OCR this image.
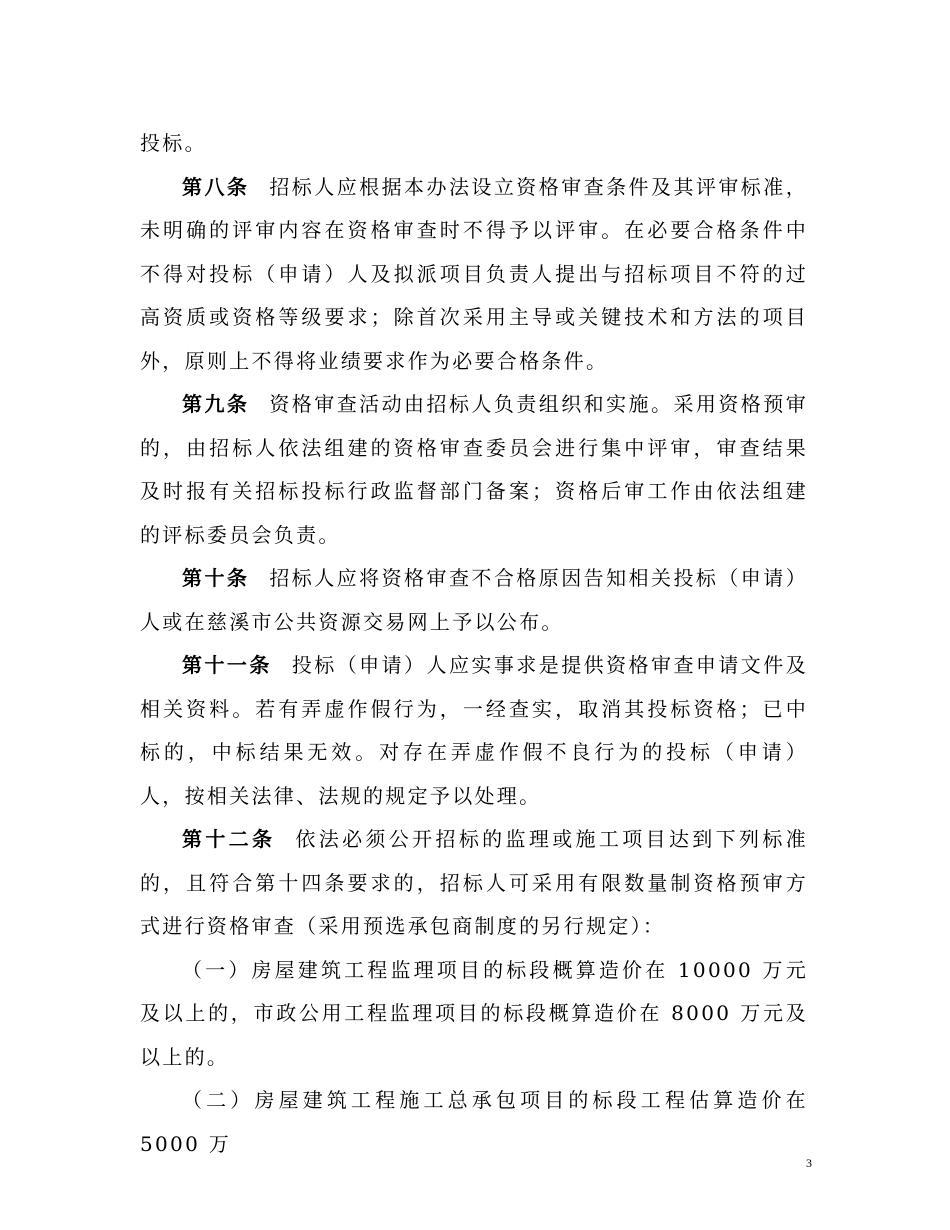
投标。

第八条 招标人应根据本办法设立资格审查条件及其评审标准，未明确的评审内容在资格审查时不得予以评审。在必要合格条件中不得对投标（申请）人及拟派项目负责人提出与招标项目不符的过高资质或资格等级要求；除首次采用主导或关键技术和方法的项目外，原则上不得将业绩要求作为必要合格条件。

第九条 资格审查活动由招标人负责组织和实施。采用资格预审的，由招标人依法组建的资格审查委员会进行集中评审，审查结果及时报有关招标投标行政监督部门备案；资格后审工作由依法组建的评标委员会负责。

第十条 招标人应将资格审查不合格原因告知相关投标（申请）人或在慈溪市公共资源交易网上予以公布。

第十一条 投标（申请）人应实事求是提供资格审查申请文件及相关资料。若有弄虚作假行为，一经查实，取消其投标资格；已中标的，中标结果无效。对存在弄虚作假不良行为的投标（申请）人，按相关法律、法规的规定予以处理。

第十二条 依法必须公开招标的监理或施工项目达到下列标准的，且符合第十四条要求的，招标人可采用有限数量制资格预审方式进行资格审查（采用预选承包商制度的另行规定）：

（一）房屋建筑工程监理项目的标段概算造价在 10000 万元及以上的，市政公用工程监理项目的标段概算造价在 8000 万元及以上的。

（二）房屋建筑工程施工总承包项目的标段工程估算造价在 5000 万

3
